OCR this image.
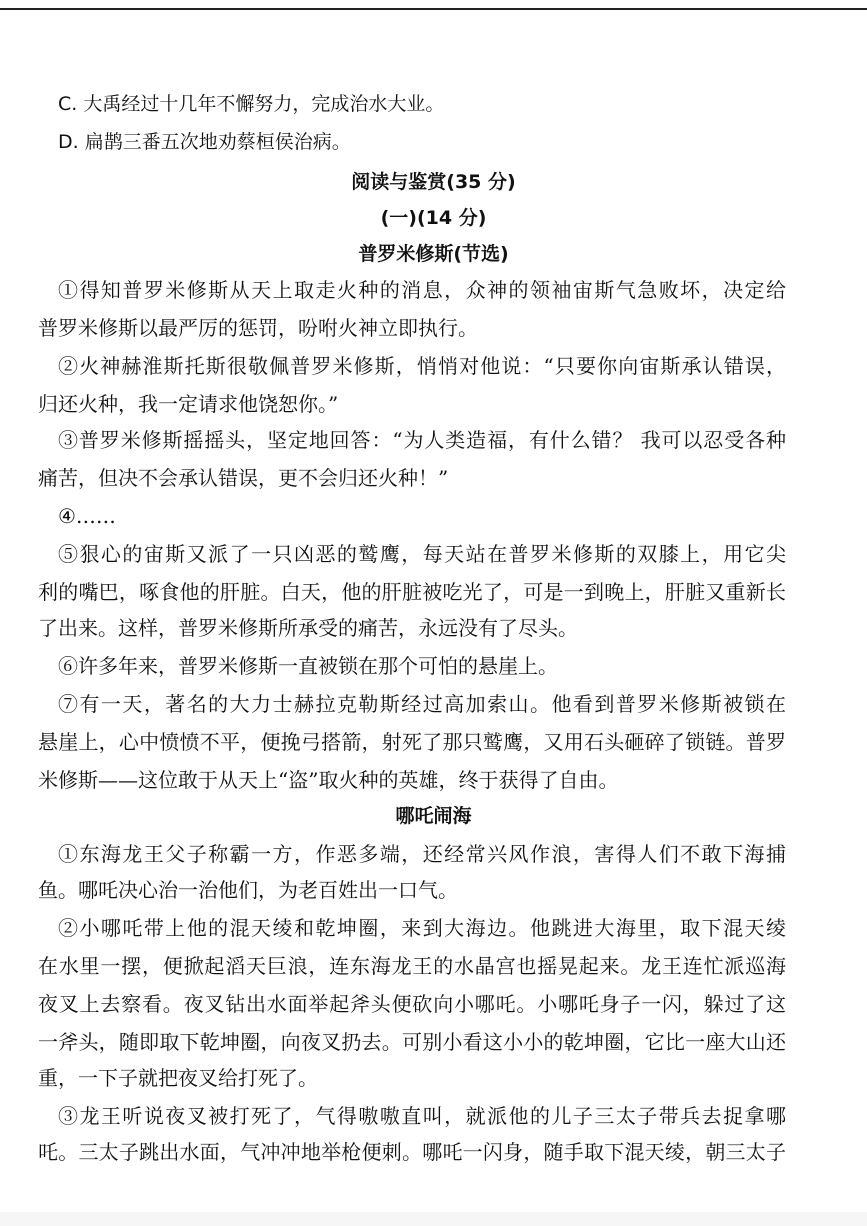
C. 大禹经过十几年不懈努力，完成治水大业。
D. 扁鹊三番五次地劝蔡桓侯治病。
阅读与鉴赏(35 分)
(一)(14 分)
普罗米修斯(节选)
①得知普罗米修斯从天上取走火种的消息，众神的领袖宙斯气急败坏，决定给
普罗米修斯以最严厉的惩罚，吩咐火神立即执行。
②火神赫淮斯托斯很敬佩普罗米修斯，悄悄对他说：“只要你向宙斯承认错误，
归还火种，我一定请求他饶恕你。”
③普罗米修斯摇摇头，坚定地回答：“为人类造福，有什么错？ 我可以忍受各种
痛苦，但决不会承认错误，更不会归还火种！”
④……
⑤狠心的宙斯又派了一只凶恶的鹫鹰，每天站在普罗米修斯的双膝上，用它尖
利的嘴巴，啄食他的肝脏。白天，他的肝脏被吃光了，可是一到晚上，肝脏又重新长
了出来。这样，普罗米修斯所承受的痛苦，永远没有了尽头。
⑥许多年来，普罗米修斯一直被锁在那个可怕的悬崖上。
⑦有一天，著名的大力士赫拉克勒斯经过高加索山。他看到普罗米修斯被锁在
悬崖上，心中愤愤不平，便挽弓搭箭，射死了那只鹫鹰，又用石头砸碎了锁链。普罗
米修斯——这位敢于从天上“盗”取火种的英雄，终于获得了自由。
哪吒闹海
①东海龙王父子称霸一方，作恶多端，还经常兴风作浪，害得人们不敢下海捕
鱼。哪吒决心治一治他们，为老百姓出一口气。
②小哪吒带上他的混天绫和乾坤圈，来到大海边。他跳进大海里，取下混天绫
在水里一摆，便掀起滔天巨浪，连东海龙王的水晶宫也摇晃起来。龙王连忙派巡海
夜叉上去察看。夜叉钻出水面举起斧头便砍向小哪吒。小哪吒身子一闪，躲过了这
一斧头，随即取下乾坤圈，向夜叉扔去。可别小看这小小的乾坤圈，它比一座大山还
重，一下子就把夜叉给打死了。
③龙王听说夜叉被打死了，气得嗷嗷直叫，就派他的儿子三太子带兵去捉拿哪
吒。三太子跳出水面，气冲冲地举枪便刺。哪吒一闪身，随手取下混天绫，朝三太子
